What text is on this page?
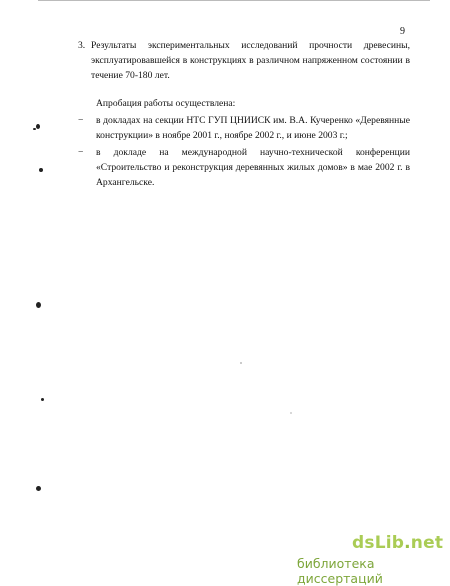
9
3. Результаты экспериментальных исследований прочности древесины, эксплуатировавшейся в конструкциях в различном напряженном состоянии в течение 70-180 лет.
Апробация работы осуществлена:
−	в докладах на секции НТС ГУП ЦНИИСК им. В.А. Кучеренко «Деревянные конструкции» в ноябре 2001 г., ноябре 2002 г., и июне 2003 г.;
−	в докладе на международной научно-технической конференции «Строительство и реконструкция деревянных жилых домов» в мае 2002 г. в Архангельске.
dsLib.net
библиотека диссертаций
